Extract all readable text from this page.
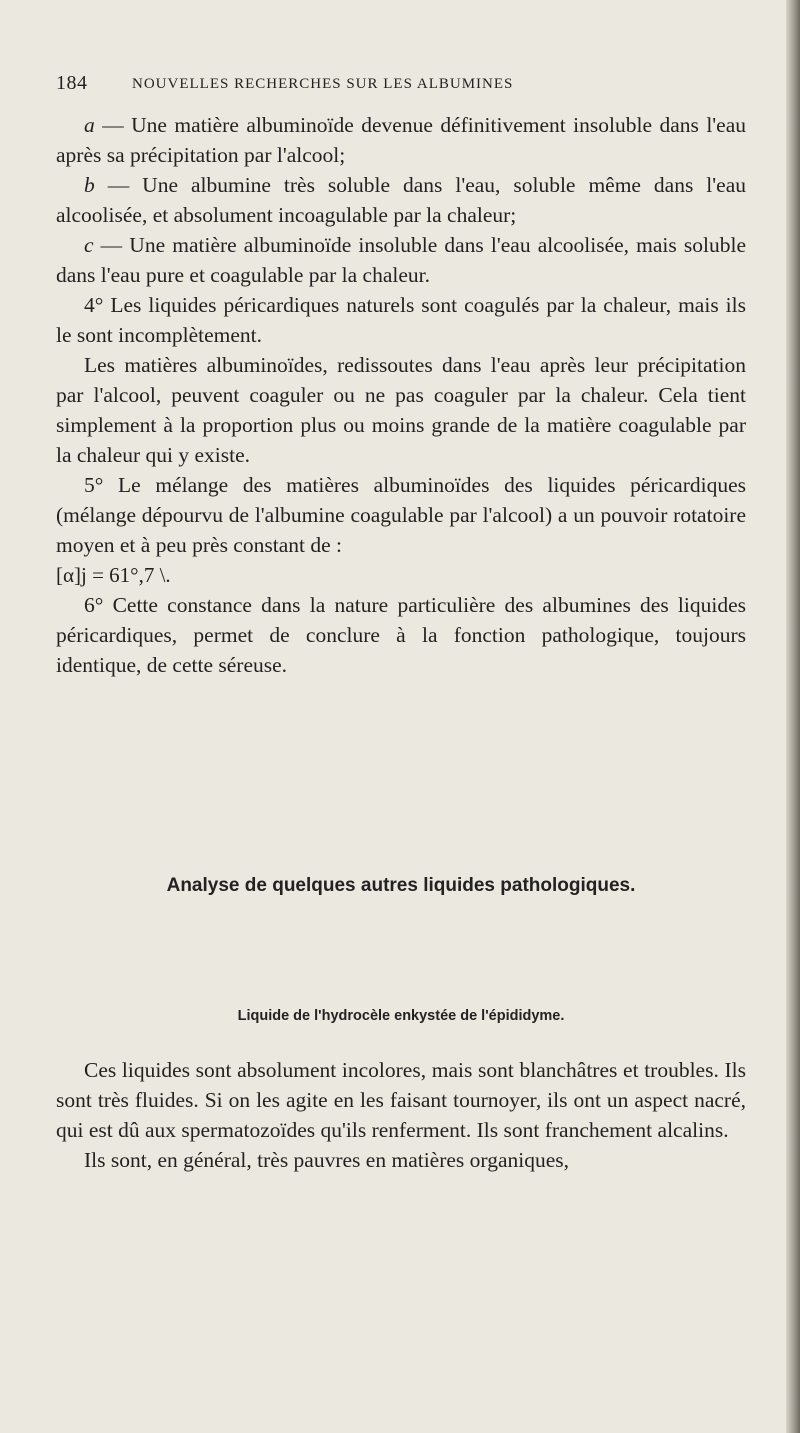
184	NOUVELLES RECHERCHES SUR LES ALBUMINES

a — Une matière albuminoïde devenue définitivement insoluble dans l'eau après sa précipitation par l'alcool;

b — Une albumine très soluble dans l'eau, soluble même dans l'eau alcoolisée, et absolument incoagulable par la chaleur;

c — Une matière albuminoïde insoluble dans l'eau alcoolisée, mais soluble dans l'eau pure et coagulable par la chaleur.

4° Les liquides péricardiques naturels sont coagulés par la chaleur, mais ils le sont incomplètement.

Les matières albuminoïdes, redissoutes dans l'eau après leur précipitation par l'alcool, peuvent coaguler ou ne pas coaguler par la chaleur. Cela tient simplement à la proportion plus ou moins grande de la matière coagulable par la chaleur qui y existe.

5° Le mélange des matières albuminoïdes des liquides péricardiques (mélange dépourvu de l'albumine coagulable par l'alcool) a un pouvoir rotatoire moyen et à peu près constant de :

[α]j = 61°,7 \.

6° Cette constance dans la nature particulière des albumines des liquides péricardiques, permet de conclure à la fonction pathologique, toujours identique, de cette séreuse.

Analyse de quelques autres liquides pathologiques.
Liquide de l'hydrocèle enkystée de l'épididyme.

Ces liquides sont absolument incolores, mais sont blanchâtres et troubles. Ils sont très fluides. Si on les agite en les faisant tournoyer, ils ont un aspect nacré, qui est dû aux spermatozoïdes qu'ils renferment. Ils sont franchement alcalins.

Ils sont, en général, très pauvres en matières organiques,
